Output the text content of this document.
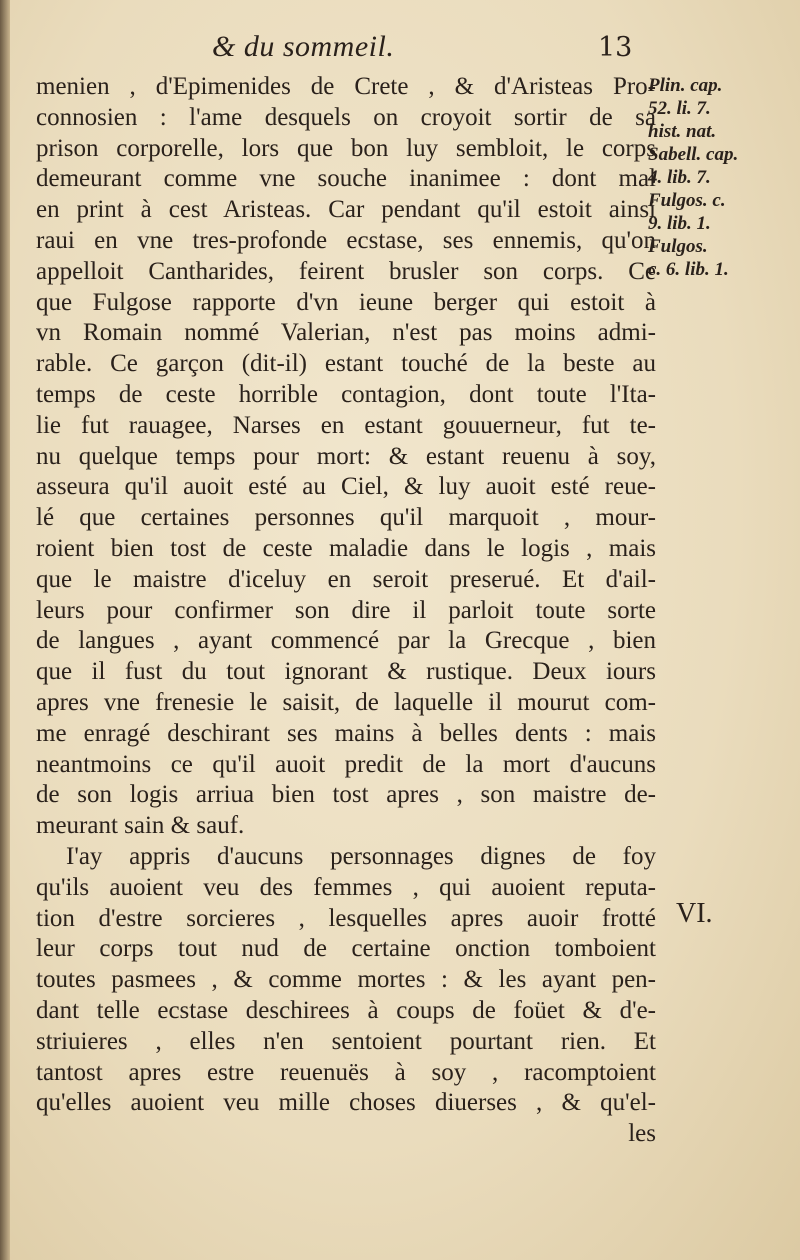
& du sommeil.	13
menien , d'Epimenides de Crete , & d'Aristeas Pro-
connosien : l'ame desquels on croyoit sortir de sa
prison corporelle, lors que bon luy sembloit, le corps
demeurant comme vne souche inanimee : dont mal
en print à cest Aristeas. Car pendant qu'il estoit ainsi
raui en vne tres-profonde ecstase, ses ennemis, qu'on
appelloit Cantharides, feirent brusler son corps. Ce
que Fulgose rapporte d'vn ieune berger qui estoit à
vn Romain nommé Valerian, n'est pas moins admi-
rable. Ce garçon (dit-il) estant touché de la beste au
temps de ceste horrible contagion, dont toute l'Ita-
lie fut rauagee, Narses en estant gouuerneur, fut te-
nu quelque temps pour mort: & estant reuenu à soy,
asseura qu'il auoit esté au Ciel, & luy auoit esté reue-
lé que certaines personnes qu'il marquoit , mour-
roient bien tost de ceste maladie dans le logis , mais
que le maistre d'iceluy en seroit preserué. Et d'ail-
leurs pour confirmer son dire il parloit toute sorte
de langues , ayant commencé par la Grecque , bien
que il fust du tout ignorant & rustique. Deux iours
apres vne frenesie le saisit, de laquelle il mourut com-
me enragé deschirant ses mains à belles dents : mais
neantmoins ce qu'il auoit predit de la mort d'aucuns
de son logis arriua bien tost apres , son maistre de-
meurant sain & sauf.
I'ay appris d'aucuns personnages dignes de foy
qu'ils auoient veu des femmes , qui auoient reputa-
tion d'estre sorcieres , lesquelles apres auoir frotté
leur corps tout nud de certaine onction tomboient
toutes pasmees , & comme mortes : & les ayant pen-
dant telle ecstase deschirees à coups de foüet & d'e-
striuieres , elles n'en sentoient pourtant rien. Et
tantost apres estre reuenuës à soy , racomptoient
qu'elles auoient veu mille choses diuerses , & qu'el-
les
Plin. cap.
52. li. 7.
hist. nat.
Sabell. cap.
4. lib. 7.
Fulgos. c.
9. lib. 1.
Fulgos.
c. 6. lib. 1.
VI.
